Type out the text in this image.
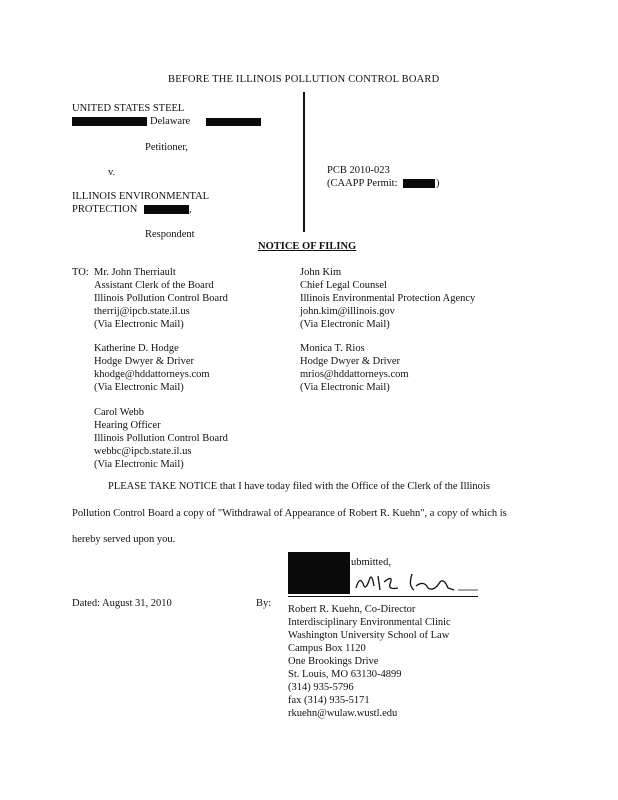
BEFORE THE ILLINOIS POLLUTION CONTROL BOARD
UNITED STATES STEEL
Delaware
Petitioner,
v.
ILLINOIS ENVIRONMENTAL
PROTECTION	,
Respondent
PCB 2010-023
(CAAPP Permit:	)
NOTICE OF FILING
TO: Mr. John Therriault
Assistant Clerk of the Board
Illinois Pollution Control Board
therrij@ipcb.state.il.us
(Via Electronic Mail)
John Kim
Chief Legal Counsel
Illinois Environmental Protection Agency
john.kim@illinois.gov
(Via Electronic Mail)
Katherine D. Hodge
Hodge Dwyer & Driver
khodge@hddattorneys.com
(Via Electronic Mail)
Monica T. Rios
Hodge Dwyer & Driver
mrios@hddattorneys.com
(Via Electronic Mail)
Carol Webb
Hearing Officer
Illinois Pollution Control Board
webbc@ipcb.state.il.us
(Via Electronic Mail)
PLEASE TAKE NOTICE that I have today filed with the Office of the Clerk of the Illinois
Pollution Control Board a copy of "Withdrawal of Appearance of Robert R. Kuehn", a copy of which is
hereby served upon you.
ubmitted,
Dated: August 31, 2010	By:
Robert R. Kuehn, Co-Director
Interdisciplinary Environmental Clinic
Washington University School of Law
Campus Box 1120
One Brookings Drive
St. Louis, MO 63130-4899
(314) 935-5796
fax (314) 935-5171
rkuehn@wulaw.wustl.edu
